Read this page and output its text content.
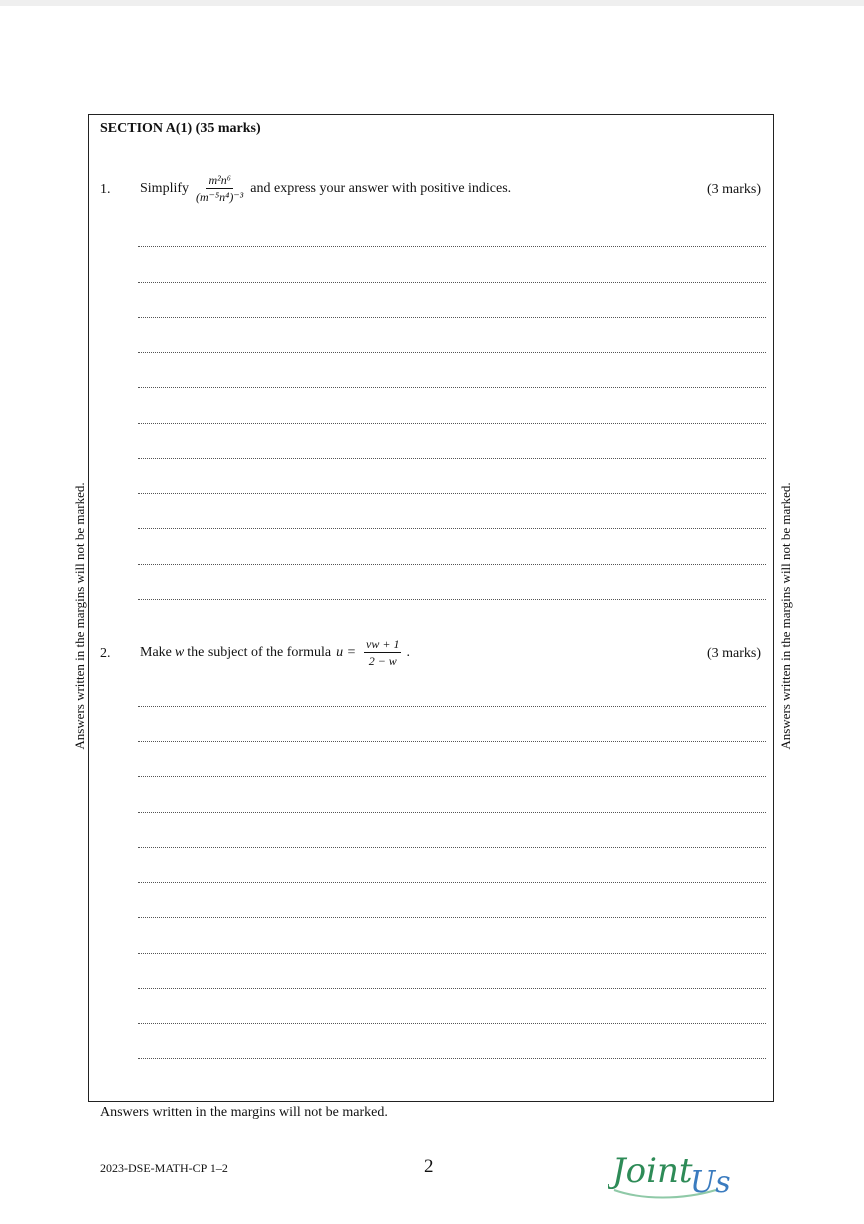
SECTION A(1) (35 marks)
1. Simplify $\frac{\text{m²n⁶}}{\text{(m⁻⁵n⁴)⁻³}}$ and express your answer with positive indices.	(3 marks)
2. Make w the subject of the formula $u = \frac{vw + 1}{2 - w}$ .	(3 marks)
Answers written in the margins will not be marked.	Answers written in the margins will not be marked.
Answers written in the margins will not be marked.
2023-DSE-MATH-CP 1–2	2	Joint
Us
